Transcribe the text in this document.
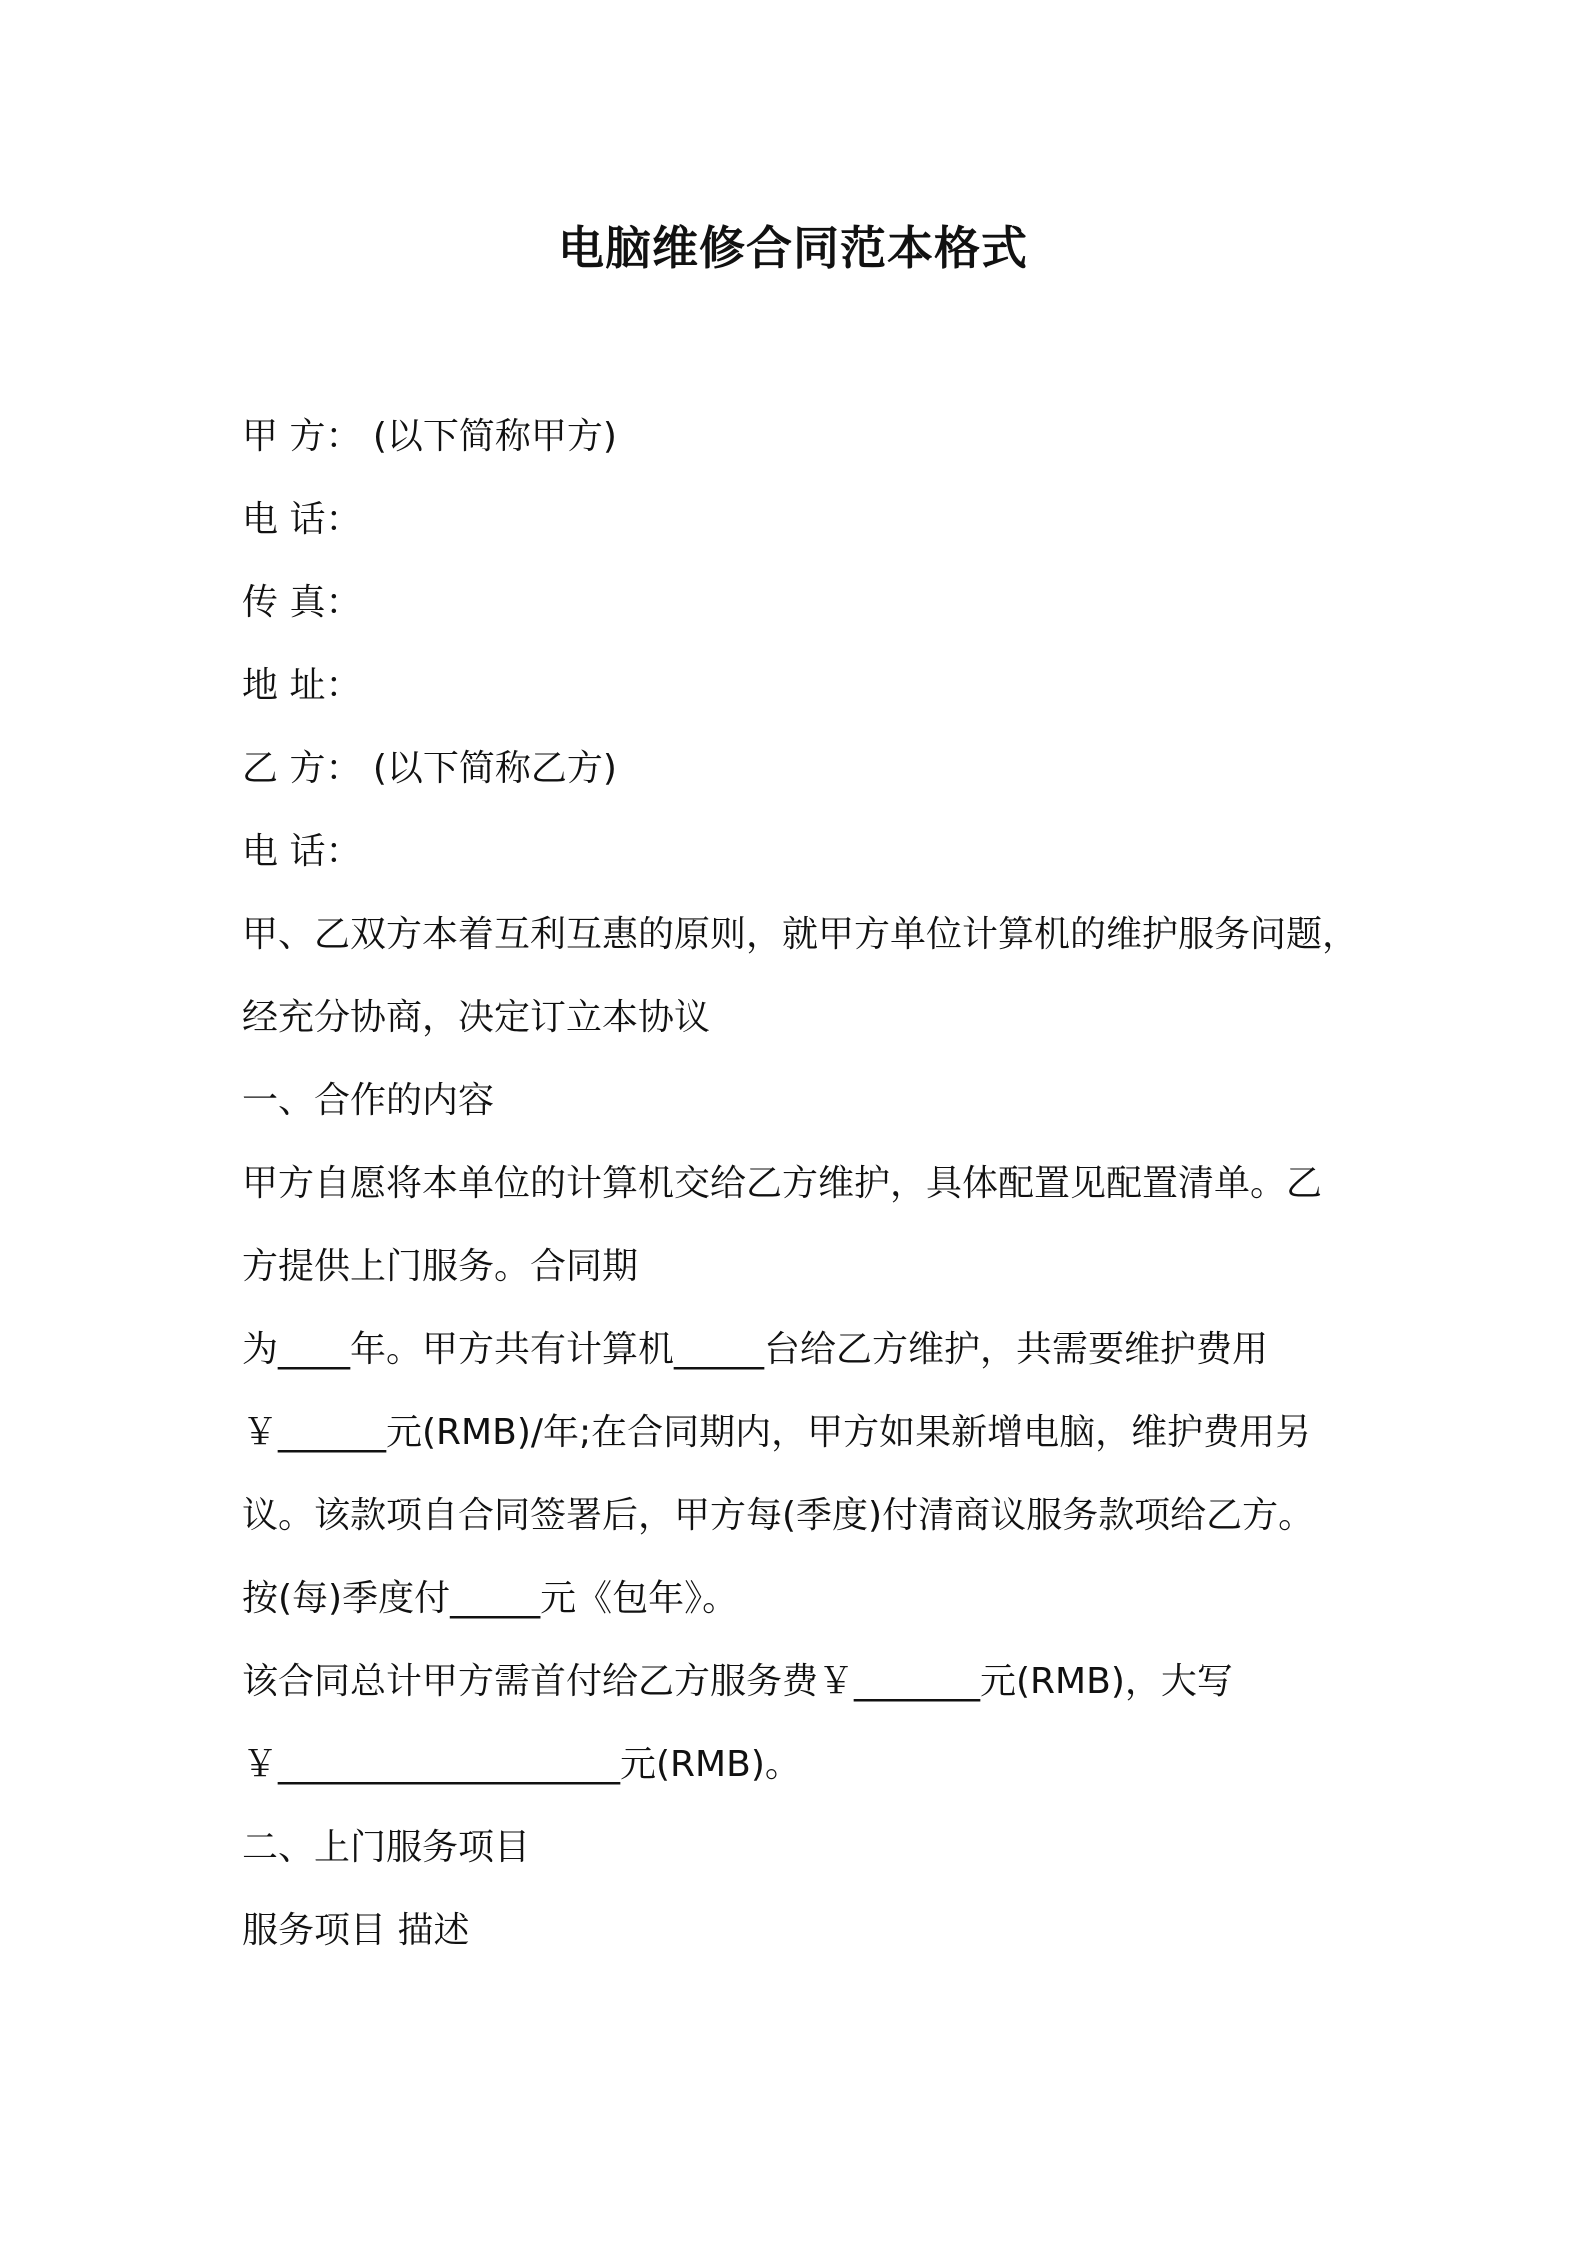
电脑维修合同范本格式
甲 方： (以下简称甲方)
电 话：
传 真：
地 址：
乙 方： (以下简称乙方)
电 话：
甲、乙双方本着互利互惠的原则，就甲方单位计算机的维护服务问题，
经充分协商，决定订立本协议
一、合作的内容
甲方自愿将本单位的计算机交给乙方维护，具体配置见配置清单。乙
方提供上门服务。合同期
为____年。甲方共有计算机_____台给乙方维护，共需要维护费用
￥______元(RMB)/年;在合同期内，甲方如果新增电脑，维护费用另
议。该款项自合同签署后，甲方每(季度)付清商议服务款项给乙方。
按(每)季度付_____元《包年》。
该合同总计甲方需首付给乙方服务费￥_______元(RMB)，大写
￥___________________元(RMB)。
二、上门服务项目
服务项目 描述
